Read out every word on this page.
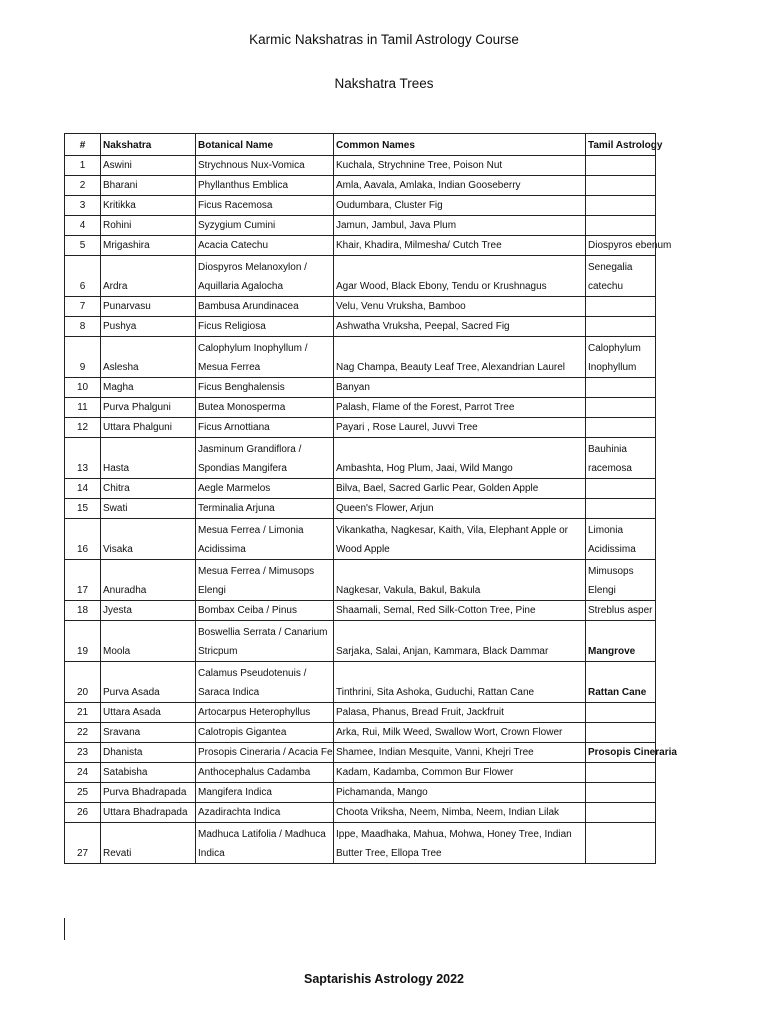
Karmic Nakshatras in Tamil Astrology Course
Nakshatra Trees
#	Nakshatra	Botanical Name	Common Names	Tamil Astrology
1	Aswini	Strychnous Nux-Vomica	Kuchala, Strychnine Tree, Poison Nut	
2	Bharani	Phyllanthus Emblica	Amla, Aavala, Amlaka, Indian Gooseberry	
3	Kritikka	Ficus Racemosa	Oudumbara, Cluster Fig	
4	Rohini	Syzygium Cumini	Jamun, Jambul, Java Plum	
5	Mrigashira	Acacia Catechu	Khair, Khadira, Milmesha/ Cutch Tree	Diospyros ebenum
6	Ardra	Diospyros Melanoxylon / Aquillaria Agalocha	Agar Wood, Black Ebony, Tendu or Krushnagus	Senegalia catechu
7	Punarvasu	Bambusa Arundinacea	Velu, Venu Vruksha, Bamboo	
8	Pushya	Ficus Religiosa	Ashwatha Vruksha, Peepal, Sacred Fig	
9	Aslesha	Calophylum Inophyllum / Mesua Ferrea	Nag Champa, Beauty Leaf Tree, Alexandrian Laurel	Calophylum Inophyllum
10	Magha	Ficus Benghalensis	Banyan	
11	Purva Phalguni	Butea Monosperma	Palash, Flame of the Forest, Parrot Tree	
12	Uttara Phalguni	Ficus Arnottiana	Payari , Rose Laurel, Juvvi Tree	
13	Hasta	Jasminum Grandiflora / Spondias Mangifera	Ambashta, Hog Plum, Jaai, Wild Mango	Bauhinia racemosa
14	Chitra	Aegle Marmelos	Bilva, Bael, Sacred Garlic Pear, Golden Apple	
15	Swati	Terminalia Arjuna	Queen's Flower, Arjun	
16	Visaka	Mesua Ferrea / Limonia Acidissima	Vikankatha, Nagkesar, Kaith, Vila, Elephant Apple or Wood Apple	Limonia Acidissima
17	Anuradha	Mesua Ferrea / Mimusops Elengi	Nagkesar, Vakula, Bakul, Bakula	Mimusops Elengi
18	Jyesta	Bombax Ceiba / Pinus	Shaamali, Semal, Red Silk-Cotton Tree, Pine	Streblus asper
19	Moola	Boswellia Serrata / Canarium Stricpum	Sarjaka, Salai, Anjan, Kammara, Black Dammar	Mangrove
20	Purva Asada	Calamus Pseudotenuis / Saraca Indica	Tinthrini, Sita Ashoka, Guduchi, Rattan Cane	Rattan Cane
21	Uttara Asada	Artocarpus Heterophyllus	Palasa, Phanus, Bread Fruit, Jackfruit	
22	Sravana	Calotropis Gigantea	Arka, Rui, Milk Weed, Swallow Wort, Crown Flower	
23	Dhanista	Prosopis Cineraria / Acacia Fe	Shamee, Indian Mesquite, Vanni, Khejri Tree	Prosopis Cineraria
24	Satabisha	Anthocephalus Cadamba	Kadam, Kadamba, Common Bur Flower	
25	Purva Bhadrapada	Mangifera Indica	Pichamanda, Mango	
26	Uttara Bhadrapada	Azadirachta Indica	Choota Vriksha, Neem, Nimba, Neem, Indian Lilak	
27	Revati	Madhuca Latifolia / Madhuca Indica	Ippe, Maadhaka, Mahua, Mohwa, Honey Tree, Indian Butter Tree, Ellopa Tree	
Saptarishis Astrology 2022
